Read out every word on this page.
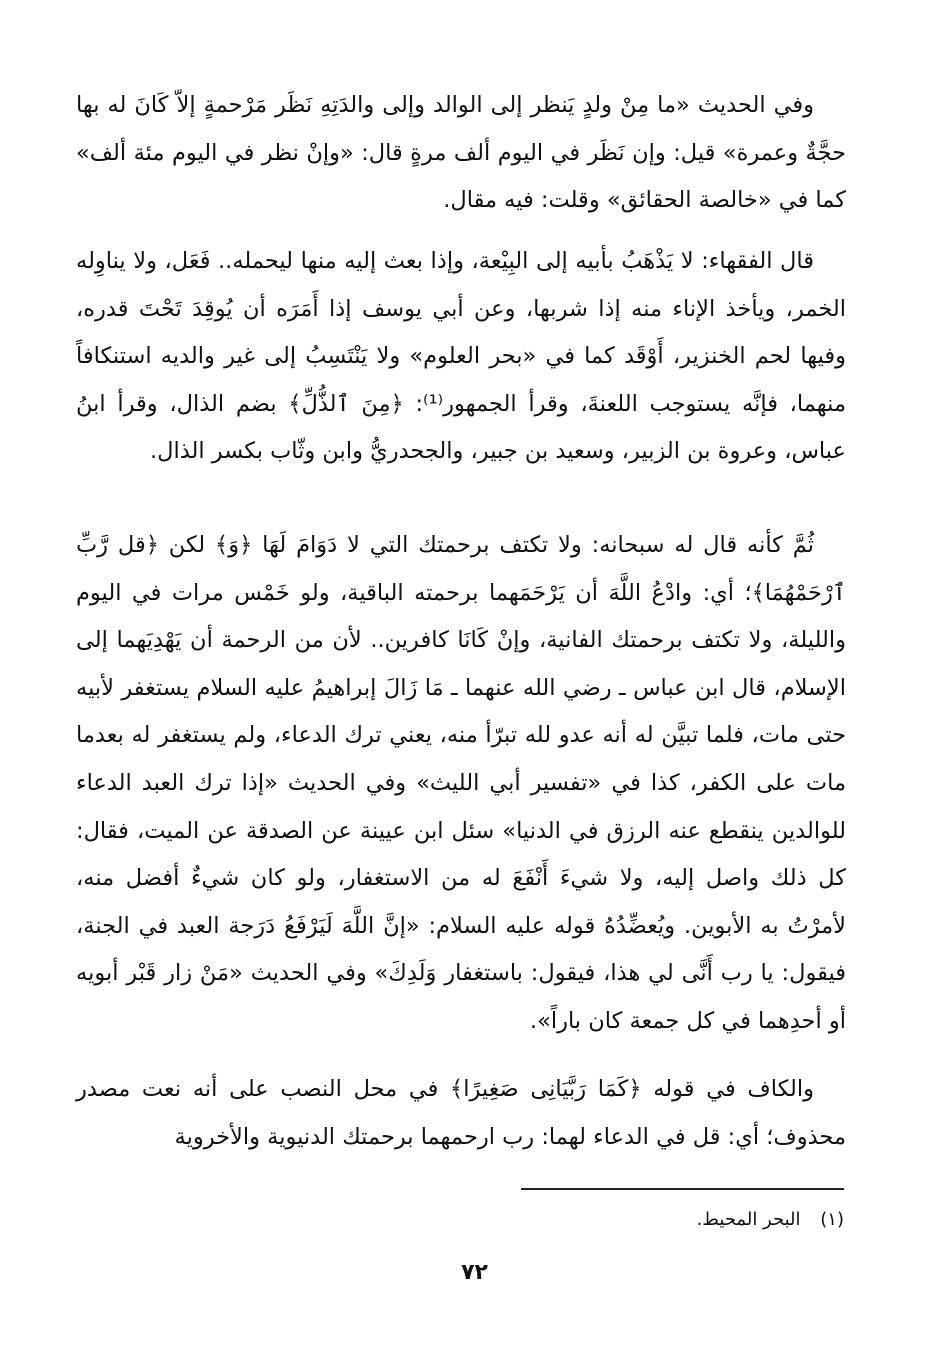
وفي الحديث «ما مِنْ ولدٍ يَنظر إلى الوالد وإلى والدَتِهِ نَظَر مَرْحمةٍ إلاّ كَانَ له بها حجَّةٌ وعمرة» قيل: وإن نَظَر في اليوم ألف مرةٍ قال: «وإنْ نظر في اليوم مئة ألف» كما في «خالصة الحقائق» وقلت: فيه مقال.

قال الفقهاء: لا يَذْهَبُ بأبيه إلى البِيْعة، وإذا بعث إليه منها ليحمله.. فَعَل، ولا يناوِله الخمر، ويأخذ الإناء منه إذا شربها، وعن أبي يوسف إذا أَمَرَه أن يُوقِدَ تَحْتَ قدره، وفيها لحم الخنزير، أَوْقَد كما في «بحر العلوم» ولا يَنْتَسِبُ إلى غير والديه استنكافاً منهما، فإنَّه يستوجب اللعنةَ، وقرأ الجمهور⁽¹⁾: ﴿مِنَ ٱلذُّلِّ﴾ بضم الذال، وقرأ ابنُ عباس، وعروة بن الزبير، وسعيد بن جبير، والجحدريُّ وابن وثّاب بكسر الذال.

ثُمَّ كأنه قال له سبحانه: ولا تكتف برحمتك التي لا دَوَامَ لَهَا ﴿وَ﴾ لكن ﴿قل رَّبِّ ٱرْحَمْهُمَا﴾؛ أي: وادْعُ اللَّهَ أن يَرْحَمَهما برحمته الباقية، ولو خَمْس مرات في اليوم والليلة، ولا تكتف برحمتك الفانية، وإنْ كَانَا كافرين.. لأن من الرحمة أن يَهْدِيَهما إلى الإسلام، قال ابن عباس ـ رضي الله عنهما ـ مَا زَالَ إبراهيمُ عليه السلام يستغفر لأبيه حتى مات، فلما تبيَّن له أنه عدو لله تبرّأ منه، يعني ترك الدعاء، ولم يستغفر له بعدما مات على الكفر، كذا في «تفسير أبي الليث» وفي الحديث «إذا ترك العبد الدعاء للوالدين ينقطع عنه الرزق في الدنيا» سئل ابن عيينة عن الصدقة عن الميت، فقال: كل ذلك واصل إليه، ولا شيءَ أَنْفَعَ له من الاستغفار، ولو كان شيءٌ أفضل منه، لأمرْتُ به الأبوين. ويُعضِّدُهُ قوله عليه السلام: «إنَّ اللَّهَ لَيَرْفَعُ دَرَجة العبد في الجنة، فيقول: يا رب أَنَّى لي هذا، فيقول: باستغفار وَلَدِكَ» وفي الحديث «مَنْ زار قَبْر أبويه أو أحدِهما في كل جمعة كان باراً».

والكاف في قوله ﴿كَمَا رَبَّيَانِى صَغِيرًا﴾ في محل النصب على أنه نعت مصدر محذوف؛ أي: قل في الدعاء لهما: رب ارحمهما برحمتك الدنيوية والأخروية

(١) البحر المحيط.
٧٢
